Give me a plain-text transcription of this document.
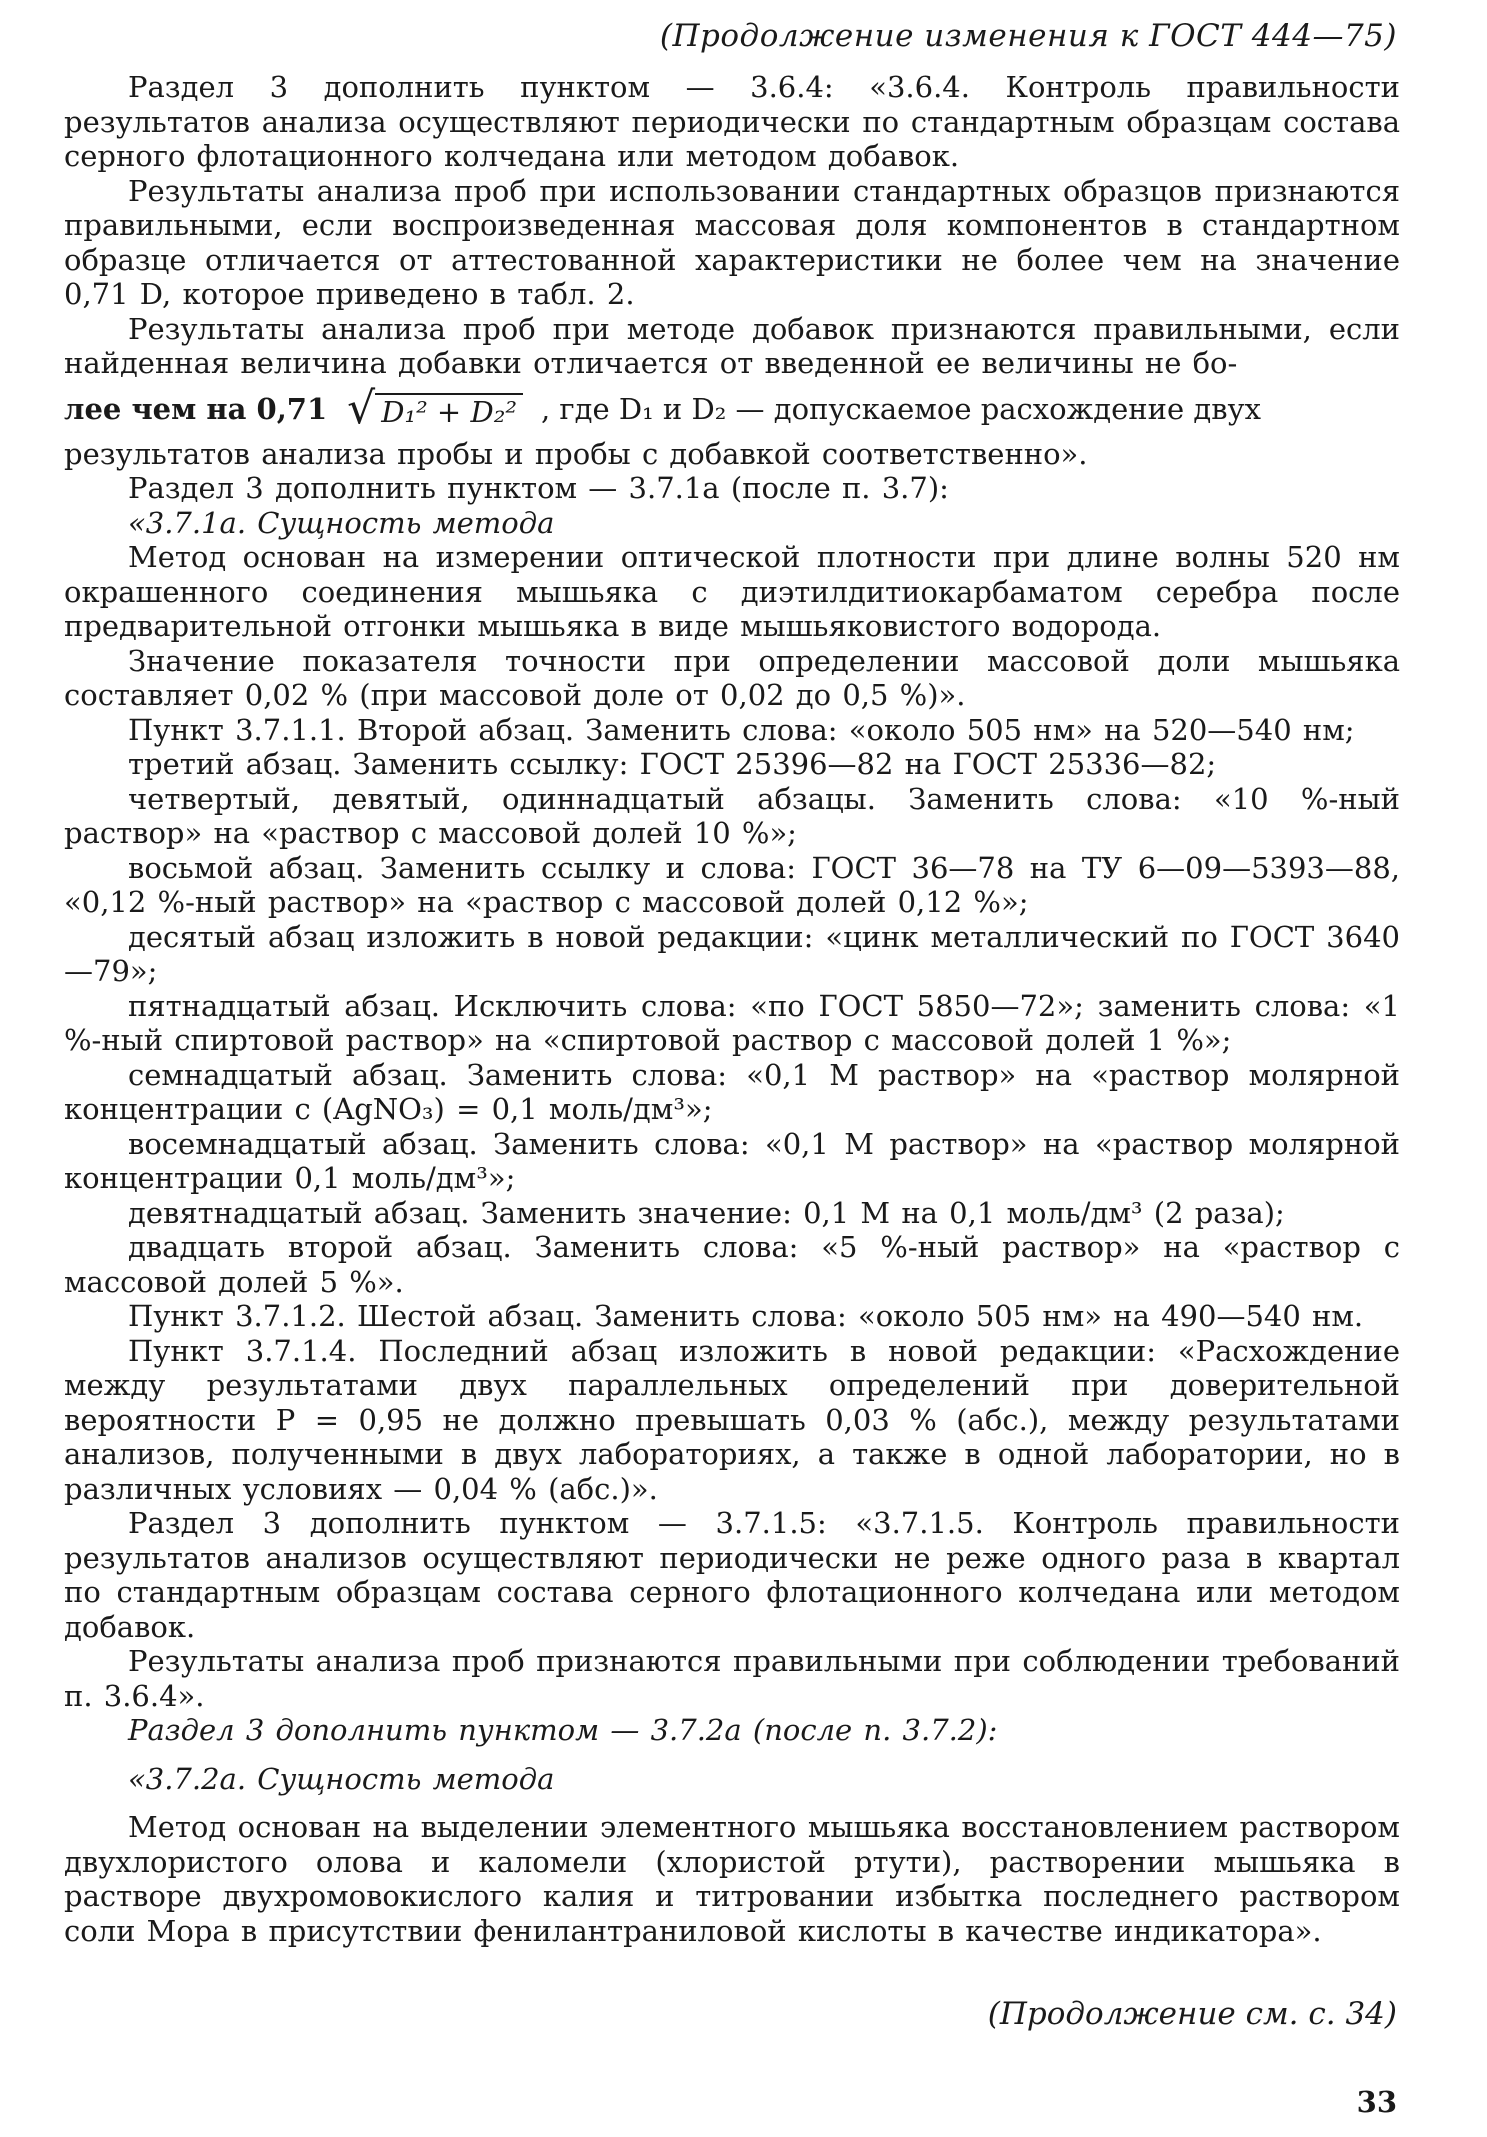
(Продолжение изменения к ГОСТ 444—75)

Раздел 3 дополнить пунктом — 3.6.4: «3.6.4. Контроль правильности результатов анализа осуществляют периодически по стандартным образцам состава серного флотационного колчедана или методом добавок.

Результаты анализа проб при использовании стандартных образцов признаются правильными, если воспроизведенная массовая доля компонентов в стандартном образце отличается от аттестованной характеристики не более чем на значение 0,71 D, которое приведено в табл. 2.

Результаты анализа проб при методе добавок признаются правильными, если найденная величина добавки отличается от введенной ее величины не бо-

лее чем на 0,71 √ D₁² + D₂² , где D₁ и D₂ — допускаемое расхождение двух

результатов анализа пробы и пробы с добавкой соответственно».

Раздел 3 дополнить пунктом — 3.7.1а (после п. 3.7):

«3.7.1а. Сущность метода

Метод основан на измерении оптической плотности при длине волны 520 нм окрашенного соединения мышьяка с диэтилдитиокарбаматом серебра после предварительной отгонки мышьяка в виде мышьяковистого водорода.

Значение показателя точности при определении массовой доли мышьяка составляет 0,02 % (при массовой доле от 0,02 до 0,5 %)».

Пункт 3.7.1.1. Второй абзац. Заменить слова: «около 505 нм» на 520—540 нм;

третий абзац. Заменить ссылку: ГОСТ 25396—82 на ГОСТ 25336—82;

четвертый, девятый, одиннадцатый абзацы. Заменить слова: «10 %-ный раствор» на «раствор с массовой долей 10 %»;

восьмой абзац. Заменить ссылку и слова: ГОСТ 36—78 на ТУ 6—09—5393—88, «0,12 %-ный раствор» на «раствор с массовой долей 0,12 %»;

десятый абзац изложить в новой редакции: «цинк металлический по ГОСТ 3640—79»;

пятнадцатый абзац. Исключить слова: «по ГОСТ 5850—72»; заменить слова: «1 %-ный спиртовой раствор» на «спиртовой раствор с массовой долей 1 %»;

семнадцатый абзац. Заменить слова: «0,1 М раствор» на «раствор молярной концентрации c (AgNO₃) = 0,1 моль/дм³»;

восемнадцатый абзац. Заменить слова: «0,1 М раствор» на «раствор молярной концентрации 0,1 моль/дм³»;

девятнадцатый абзац. Заменить значение: 0,1 М на 0,1 моль/дм³ (2 раза);

двадцать второй абзац. Заменить слова: «5 %-ный раствор» на «раствор с массовой долей 5 %».

Пункт 3.7.1.2. Шестой абзац. Заменить слова: «около 505 нм» на 490—540 нм.

Пункт 3.7.1.4. Последний абзац изложить в новой редакции: «Расхождение между результатами двух параллельных определений при доверительной вероятности P = 0,95 не должно превышать 0,03 % (абс.), между результатами анализов, полученными в двух лабораториях, а также в одной лаборатории, но в различных условиях — 0,04 % (абс.)».

Раздел 3 дополнить пунктом — 3.7.1.5: «3.7.1.5. Контроль правильности результатов анализов осуществляют периодически не реже одного раза в квартал по стандартным образцам состава серного флотационного колчедана или методом добавок.

Результаты анализа проб признаются правильными при соблюдении требований п. 3.6.4».

Раздел 3 дополнить пунктом — 3.7.2а (после п. 3.7.2):

«3.7.2а. Сущность метода

Метод основан на выделении элементного мышьяка восстановлением раствором двухлористого олова и каломели (хлористой ртути), растворении мышьяка в растворе двухромовокислого калия и титровании избытка последнего раствором соли Мора в присутствии фенилантраниловой кислоты в качестве индикатора».

(Продолжение см. с. 34)
33
